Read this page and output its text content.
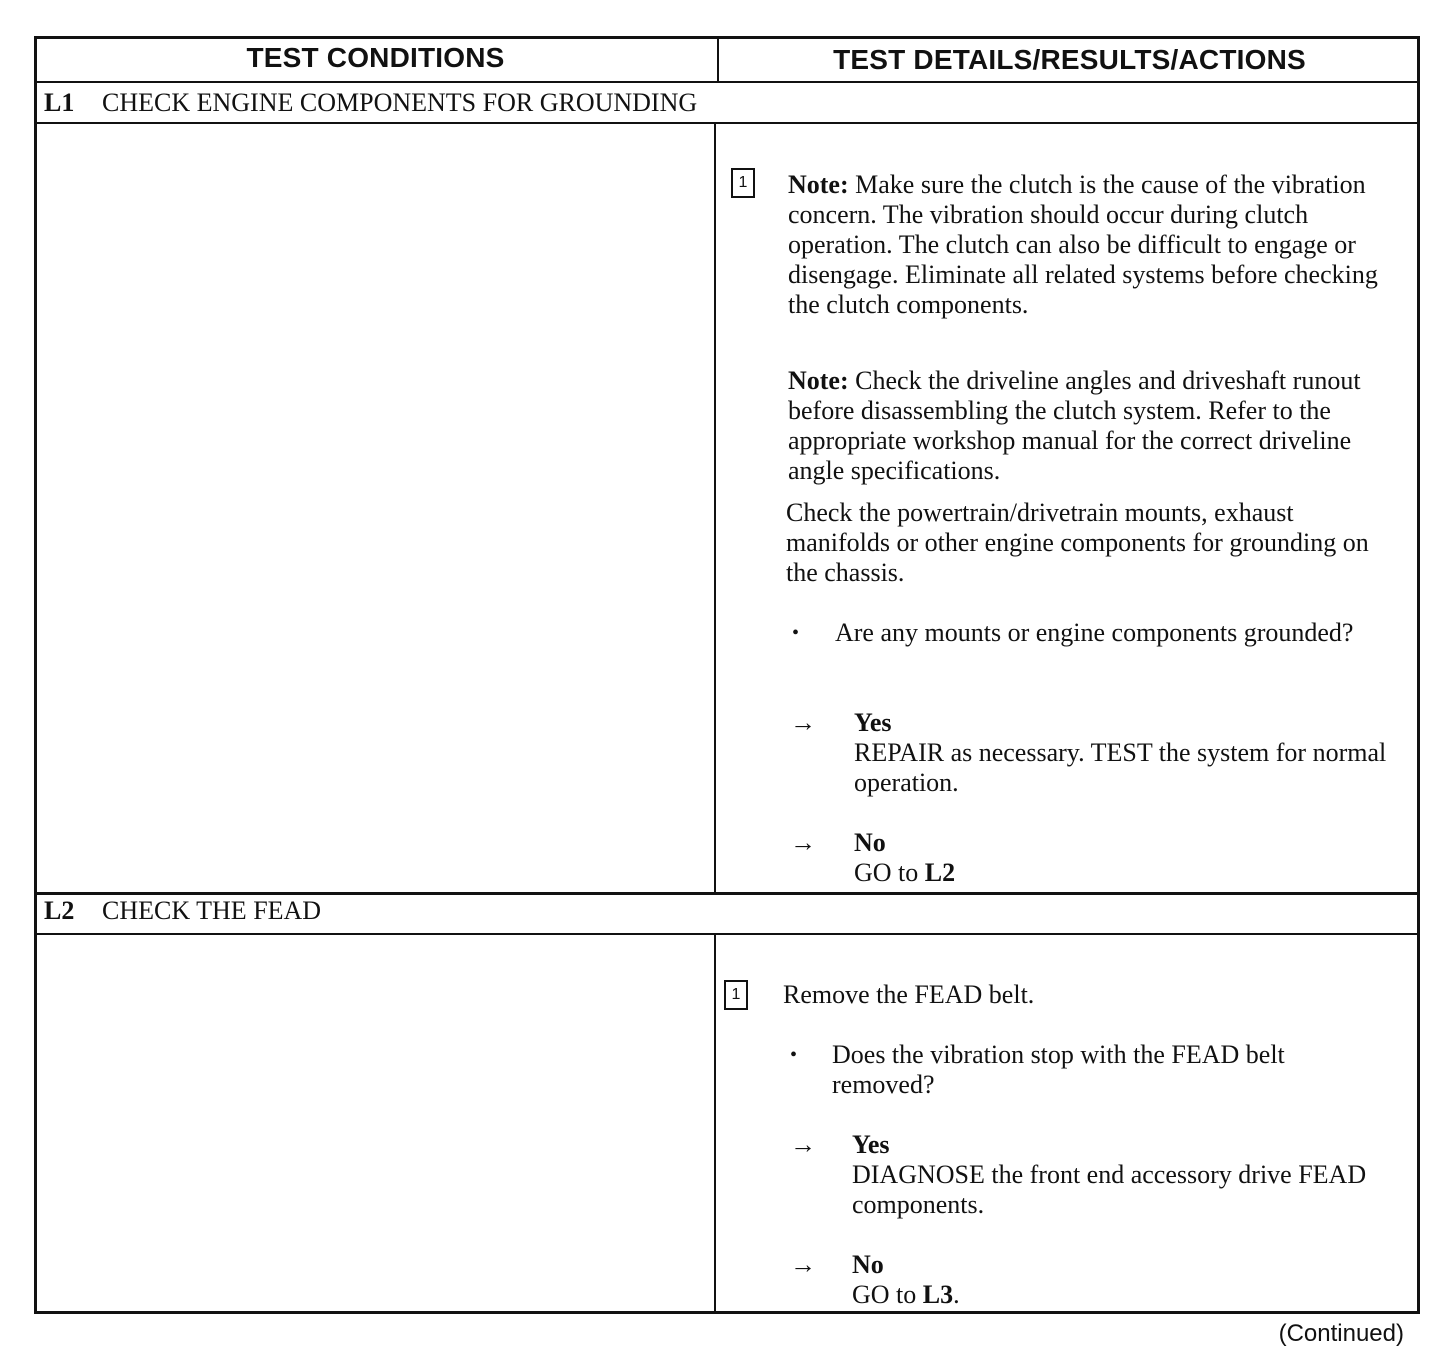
TEST CONDITIONS	TEST DETAILS/RESULTS/ACTIONS
L1 CHECK ENGINE COMPONENTS FOR GROUNDING
1 Note: Make sure the clutch is the cause of the vibration concern. The vibration should occur during clutch operation. The clutch can also be difficult to engage or disengage. Eliminate all related systems before checking the clutch components.
Note: Check the driveline angles and driveshaft runout before disassembling the clutch system. Refer to the appropriate workshop manual for the correct driveline angle specifications.
Check the powertrain/drivetrain mounts, exhaust manifolds or other engine components for grounding on the chassis.
• Are any mounts or engine components grounded?
→ Yes
REPAIR as necessary. TEST the system for normal operation.
→ No
GO to L2
L2 CHECK THE FEAD
1 Remove the FEAD belt.
• Does the vibration stop with the FEAD belt removed?
→ Yes
DIAGNOSE the front end accessory drive FEAD components.
→ No
GO to L3.
(Continued)
